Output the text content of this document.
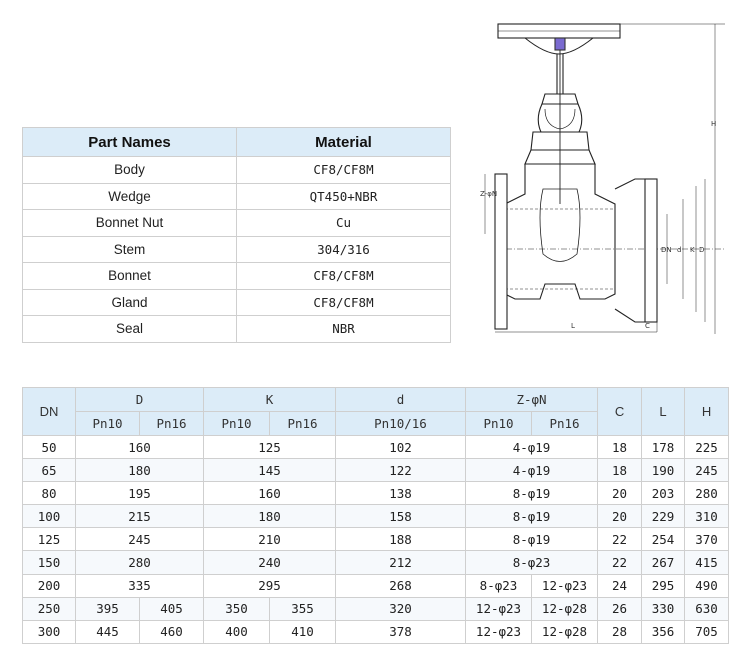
Part Names	Material
Body	CF8/CF8M
Wedge	QT450+NBR
Bonnet Nut	Cu
Stem	304/316
Bonnet	CF8/CF8M
Gland	CF8/CF8M
Seal	NBR
H
L	C
DN d K D
Z-φN
DN	D		K		d	Z-φN		C	L	H
	Pn10	Pn16	Pn10	Pn16	Pn10/16	Pn10	Pn16			
50	160		125		102	4-φ19		18	178	225
65	180		145		122	4-φ19		18	190	245
80	195		160		138	8-φ19		20	203	280
100	215		180		158	8-φ19		20	229	310
125	245		210		188	8-φ19		22	254	370
150	280		240		212	8-φ23		22	267	415
200	335		295		268	8-φ23	12-φ23	24	295	490
250	395	405	350	355	320	12-φ23	12-φ28	26	330	630
300	445	460	400	410	378	12-φ23	12-φ28	28	356	705
